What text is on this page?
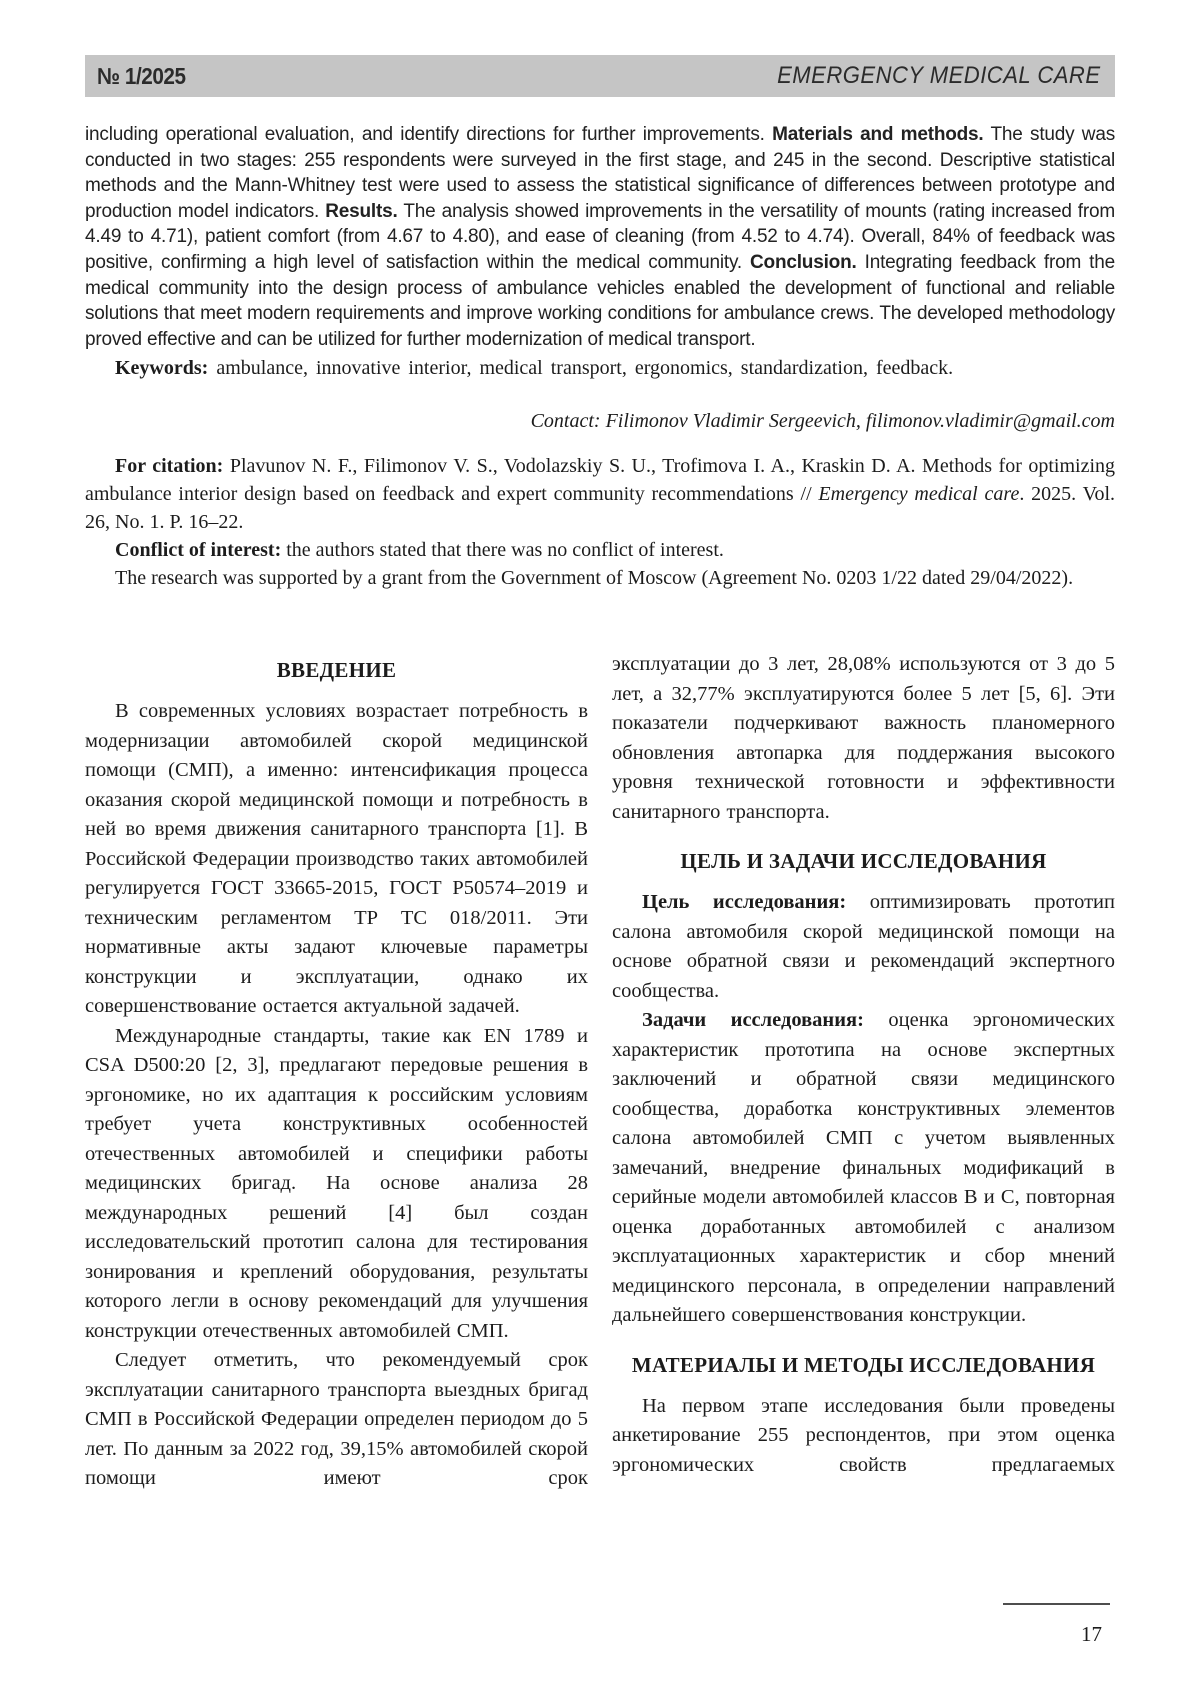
№ 1/2025	EMERGENCY MEDICAL CARE

including operational evaluation, and identify directions for further improvements. Materials and methods. The study was conducted in two stages: 255 respondents were surveyed in the first stage, and 245 in the second. Descriptive statistical methods and the Mann-Whitney test were used to assess the statistical significance of differences between prototype and production model indicators. Results. The analysis showed improvements in the versatility of mounts (rating increased from 4.49 to 4.71), patient comfort (from 4.67 to 4.80), and ease of cleaning (from 4.52 to 4.74). Overall, 84% of feedback was positive, confirming a high level of satisfaction within the medical community. Conclusion. Integrating feedback from the medical community into the design process of ambulance vehicles enabled the development of functional and reliable solutions that meet modern requirements and improve working conditions for ambulance crews. The developed methodology proved effective and can be utilized for further modernization of medical transport.

Keywords: ambulance, innovative interior, medical transport, ergonomics, standardization, feedback.

Contact: Filimonov Vladimir Sergeevich, filimonov.vladimir@gmail.com

For citation: Plavunov N. F., Filimonov V. S., Vodolazskiy S. U., Trofimova I. A., Kraskin D. A. Methods for optimizing ambulance interior design based on feedback and expert community recommendations // Emergency medical care. 2025. Vol. 26, No. 1. P. 16–22.

Conflict of interest: the authors stated that there was no conflict of interest.

The research was supported by a grant from the Government of Moscow (Agreement No. 0203 1/22 dated 29/04/2022).

ВВЕДЕНИЕ

В современных условиях возрастает потребность в модернизации автомобилей скорой медицинской помощи (СМП), а именно: интенсификация процесса оказания скорой медицинской помощи и потребность в ней во время движения санитарного транспорта [1]. В Российской Федерации производство таких автомобилей регулируется ГОСТ 33665-2015, ГОСТ Р50574–2019 и техническим регламентом ТР ТС 018/2011. Эти нормативные акты задают ключевые параметры конструкции и эксплуатации, однако их совершенствование остается актуальной задачей.

Международные стандарты, такие как EN 1789 и CSA D500:20 [2, 3], предлагают передовые решения в эргономике, но их адаптация к российским условиям требует учета конструктивных особенностей отечественных автомобилей и специфики работы медицинских бригад. На основе анализа 28 международных решений [4] был создан исследовательский прототип салона для тестирования зонирования и креплений оборудования, результаты которого легли в основу рекомендаций для улучшения конструкции отечественных автомобилей СМП.

Следует отметить, что рекомендуемый срок эксплуатации санитарного транспорта выездных бригад СМП в Российской Федерации определен периодом до 5 лет. По данным за 2022 год, 39,15% автомобилей скорой помощи имеют срок

эксплуатации до 3 лет, 28,08% используются от 3 до 5 лет, а 32,77% эксплуатируются более 5 лет [5, 6]. Эти показатели подчеркивают важность планомерного обновления автопарка для поддержания высокого уровня технической готовности и эффективности санитарного транспорта.

ЦЕЛЬ И ЗАДАЧИ ИССЛЕДОВАНИЯ

Цель исследования: оптимизировать прототип салона автомобиля скорой медицинской помощи на основе обратной связи и рекомендаций экспертного сообщества.

Задачи исследования: оценка эргономических характеристик прототипа на основе экспертных заключений и обратной связи медицинского сообщества, доработка конструктивных элементов салона автомобилей СМП с учетом выявленных замечаний, внедрение финальных модификаций в серийные модели автомобилей классов В и С, повторная оценка доработанных автомобилей с анализом эксплуатационных характеристик и сбор мнений медицинского персонала, в определении направлений дальнейшего совершенствования конструкции.

МАТЕРИАЛЫ И МЕТОДЫ ИССЛЕДОВАНИЯ

На первом этапе исследования были проведены анкетирование 255 респондентов, при этом оценка эргономических свойств предлагаемых

17
